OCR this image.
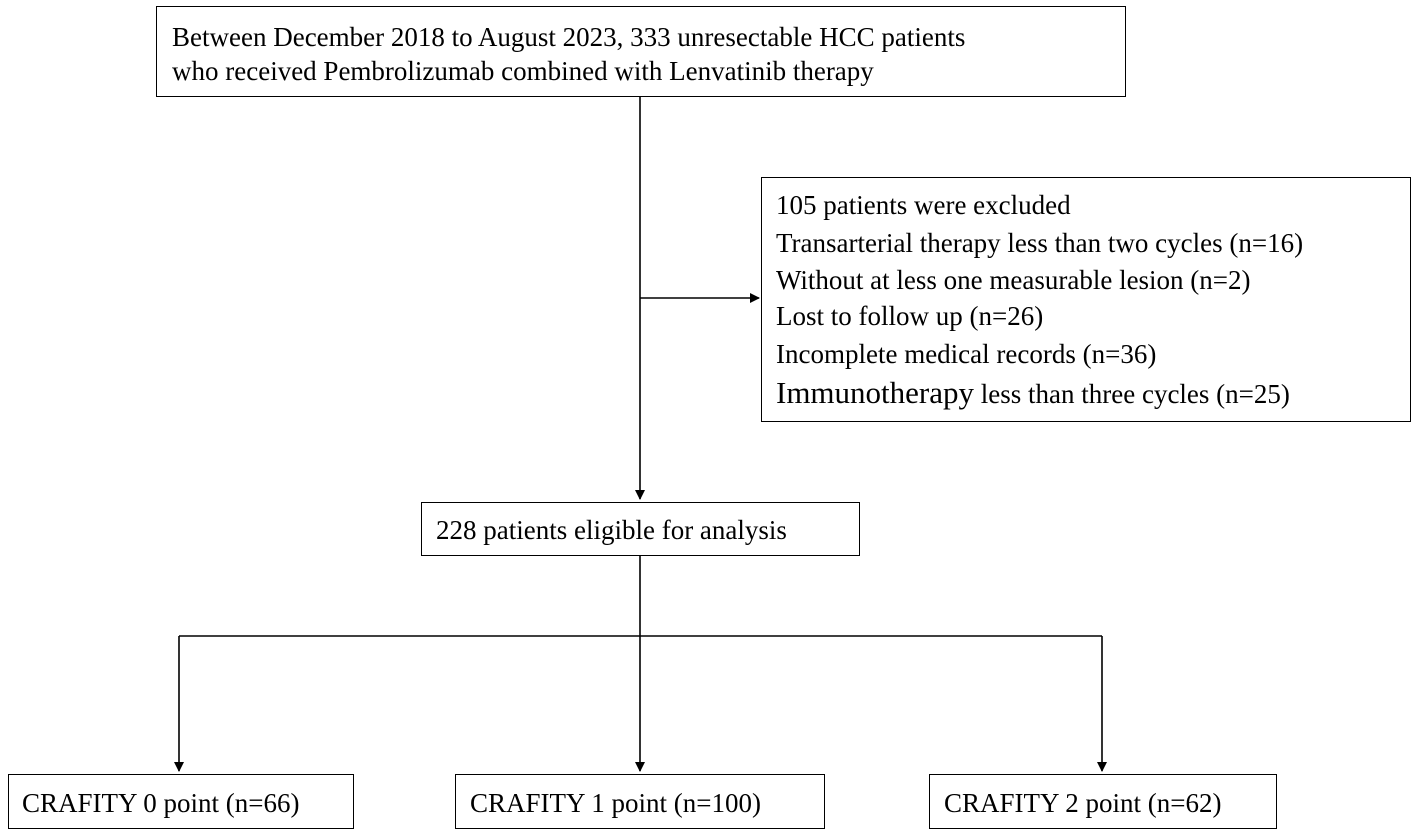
Between December 2018 to August 2023, 333 unresectable HCC patients
who received Pembrolizumab combined with Lenvatinib therapy
105 patients were excluded
Transarterial therapy less than two cycles (n=16)
Without at less one measurable lesion (n=2)
Lost to follow up (n=26)
Incomplete medical records (n=36)
Immunotherapy less than three cycles (n=25)
228 patients eligible for analysis
CRAFITY 0 point (n=66)	CRAFITY 1 point (n=100)	CRAFITY 2 point (n=62)
